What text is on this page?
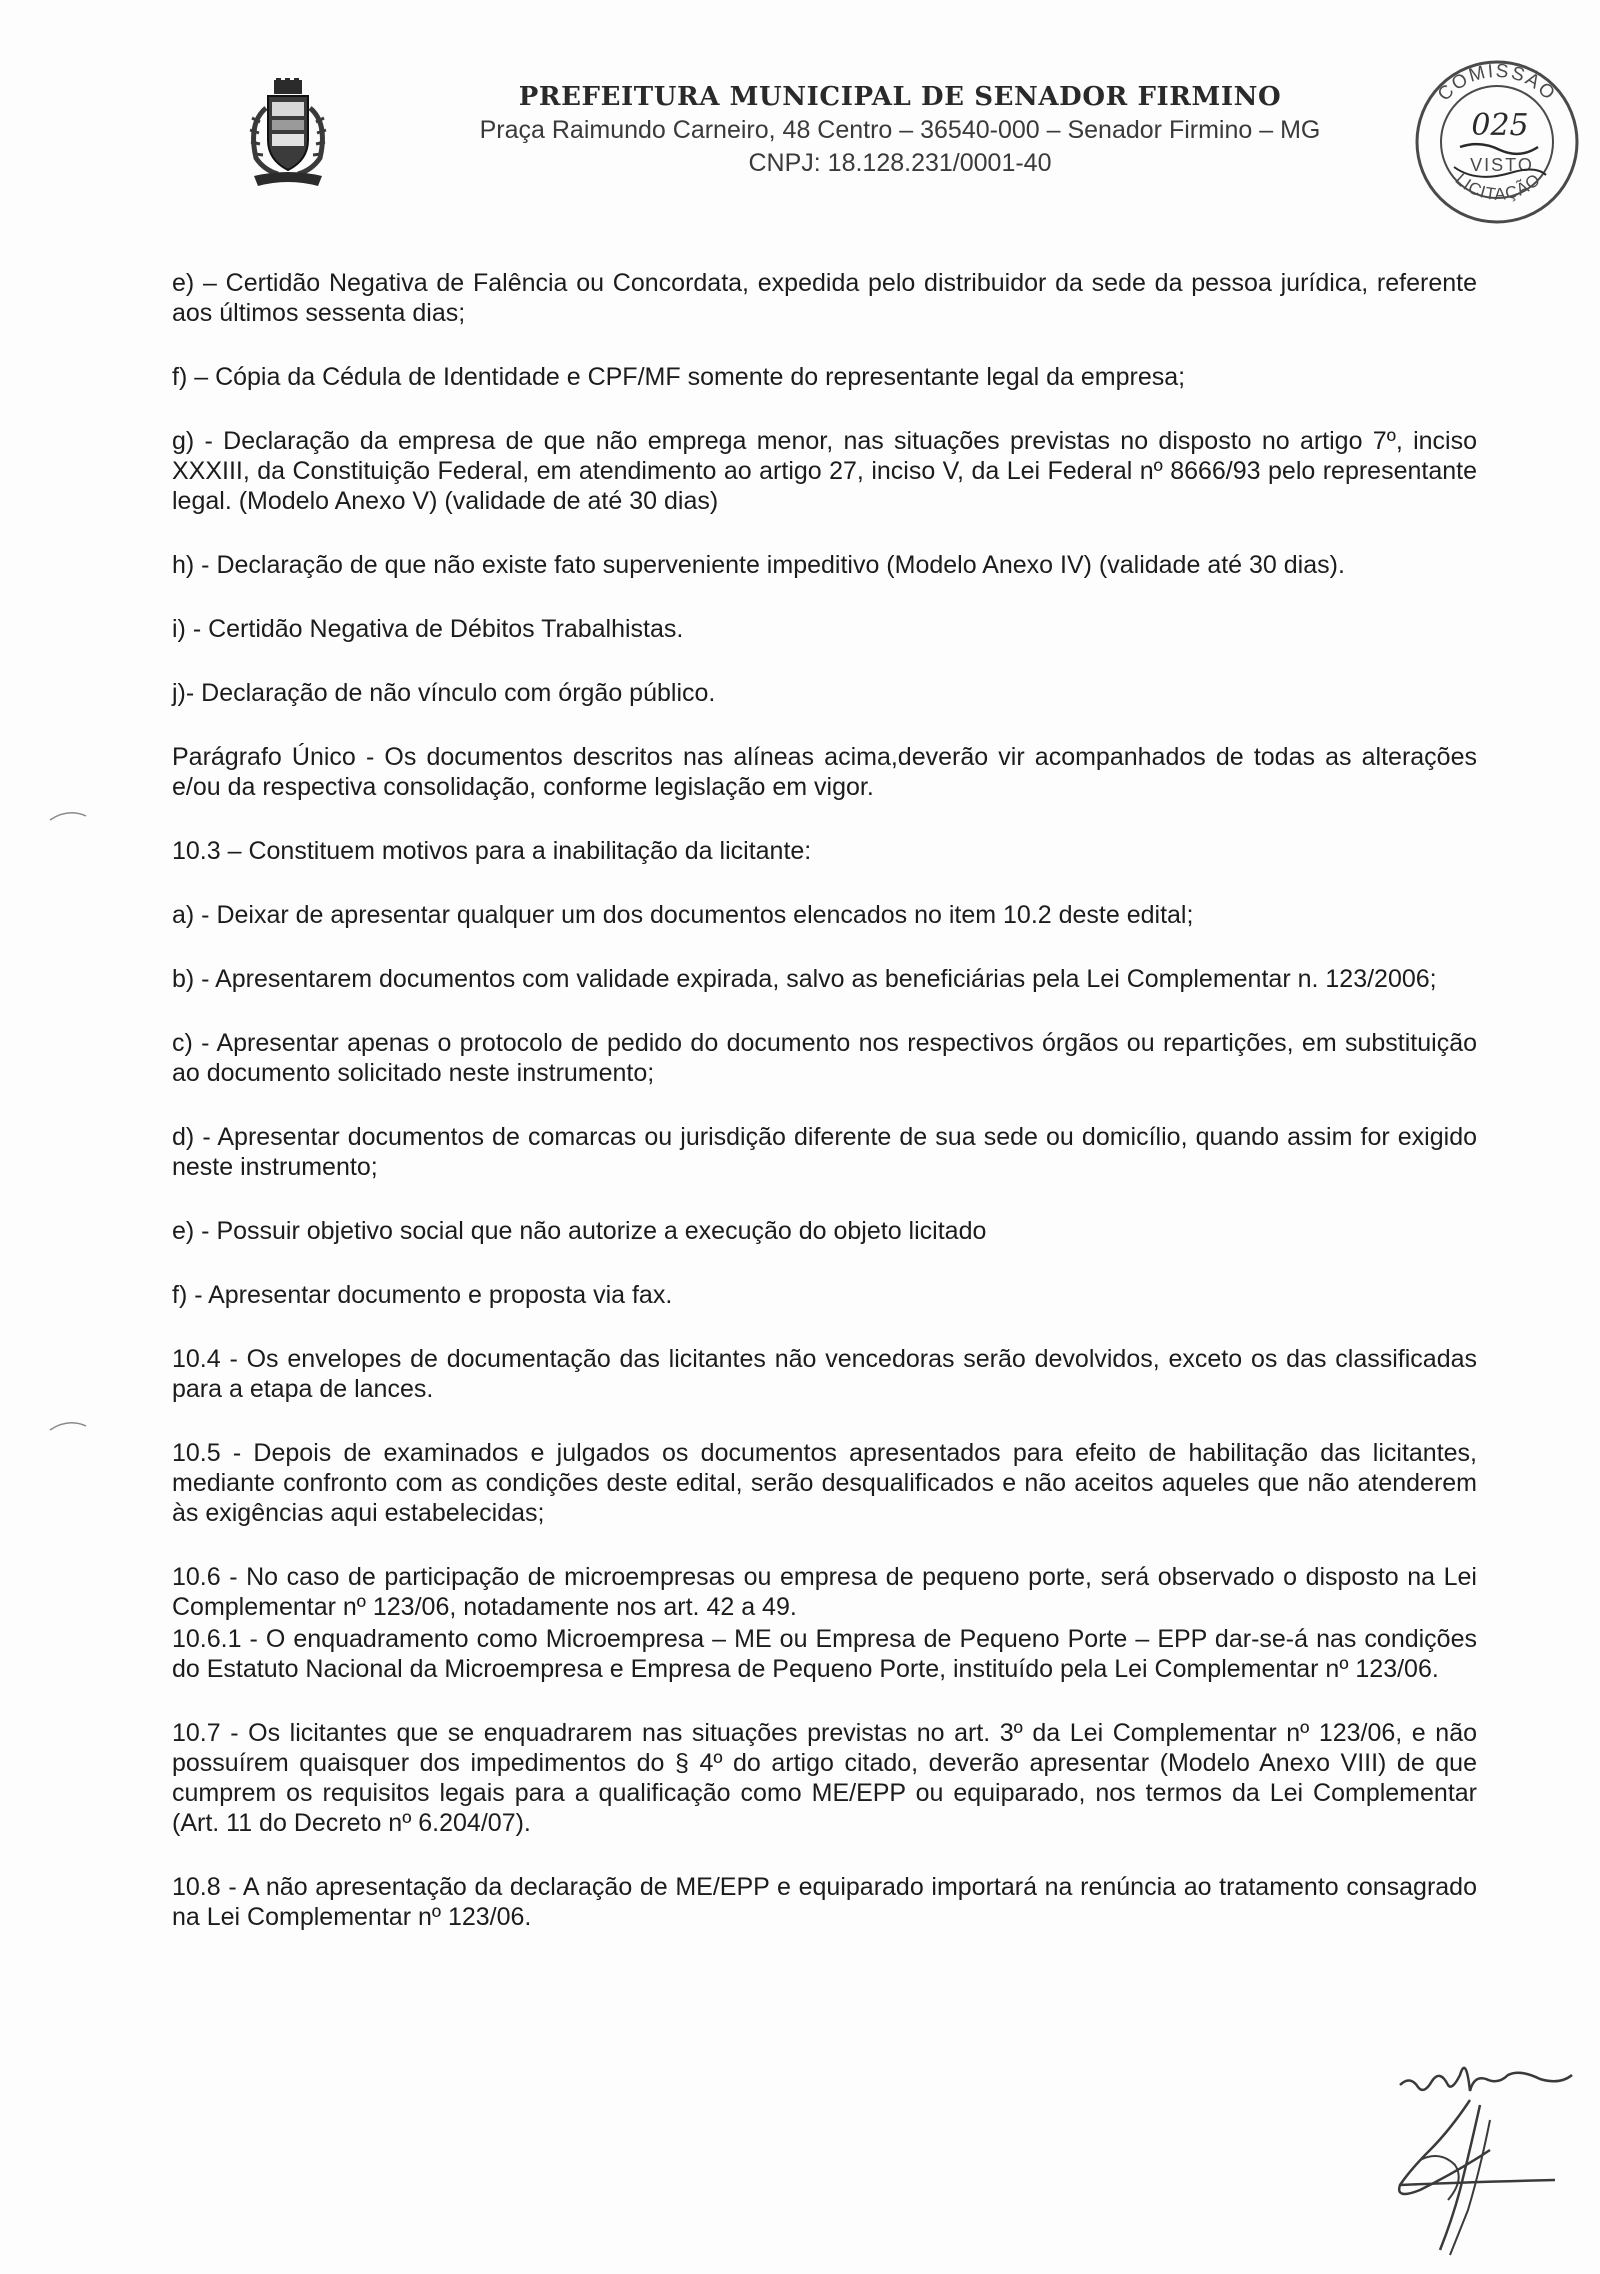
PREFEITURA MUNICIPAL DE SENADOR FIRMINO
Praça Raimundo Carneiro, 48 Centro – 36540-000 – Senador Firmino – MG
CNPJ: 18.128.231/0001-40
COMISSÃO
LICITAÇÃO
025
VISTO

e) – Certidão Negativa de Falência ou Concordata, expedida pelo distribuidor da sede da pessoa jurídica, referente aos últimos sessenta dias;

f) – Cópia da Cédula de Identidade e CPF/MF somente do representante legal da empresa;

g) - Declaração da empresa de que não emprega menor, nas situações previstas no disposto no artigo 7º, inciso XXXIII, da Constituição Federal, em atendimento ao artigo 27, inciso V, da Lei Federal nº 8666/93 pelo representante legal. (Modelo Anexo V) (validade de até 30 dias)

h) - Declaração de que não existe fato superveniente impeditivo (Modelo Anexo IV) (validade até 30 dias).

i) - Certidão Negativa de Débitos Trabalhistas.

j)- Declaração de não vínculo com órgão público.

Parágrafo Único - Os documentos descritos nas alíneas acima,deverão vir acompanhados de todas as alterações e/ou da respectiva consolidação, conforme legislação em vigor.

10.3 – Constituem motivos para a inabilitação da licitante:

a) - Deixar de apresentar qualquer um dos documentos elencados no item 10.2 deste edital;

b) - Apresentarem documentos com validade expirada, salvo as beneficiárias pela Lei Complementar n. 123/2006;

c) - Apresentar apenas o protocolo de pedido do documento nos respectivos órgãos ou repartições, em substituição ao documento solicitado neste instrumento;

d) - Apresentar documentos de comarcas ou jurisdição diferente de sua sede ou domicílio, quando assim for exigido neste instrumento;

e) - Possuir objetivo social que não autorize a execução do objeto licitado

f) - Apresentar documento e proposta via fax.

10.4 - Os envelopes de documentação das licitantes não vencedoras serão devolvidos, exceto os das classificadas para a etapa de lances.

10.5 - Depois de examinados e julgados os documentos apresentados para efeito de habilitação das licitantes, mediante confronto com as condições deste edital, serão desqualificados e não aceitos aqueles que não atenderem às exigências aqui estabelecidas;

10.6 - No caso de participação de microempresas ou empresa de pequeno porte, será observado o disposto na Lei Complementar nº 123/06, notadamente nos art. 42 a 49.

10.6.1 - O enquadramento como Microempresa – ME ou Empresa de Pequeno Porte – EPP dar-se-á nas condições do Estatuto Nacional da Microempresa e Empresa de Pequeno Porte, instituído pela Lei Complementar nº 123/06.

10.7 - Os licitantes que se enquadrarem nas situações previstas no art. 3º da Lei Complementar nº 123/06, e não possuírem quaisquer dos impedimentos do § 4º do artigo citado, deverão apresentar (Modelo Anexo VIII) de que cumprem os requisitos legais para a qualificação como ME/EPP ou equiparado, nos termos da Lei Complementar (Art. 11 do Decreto nº 6.204/07).

10.8 - A não apresentação da declaração de ME/EPP e equiparado importará na renúncia ao tratamento consagrado na Lei Complementar nº 123/06.
